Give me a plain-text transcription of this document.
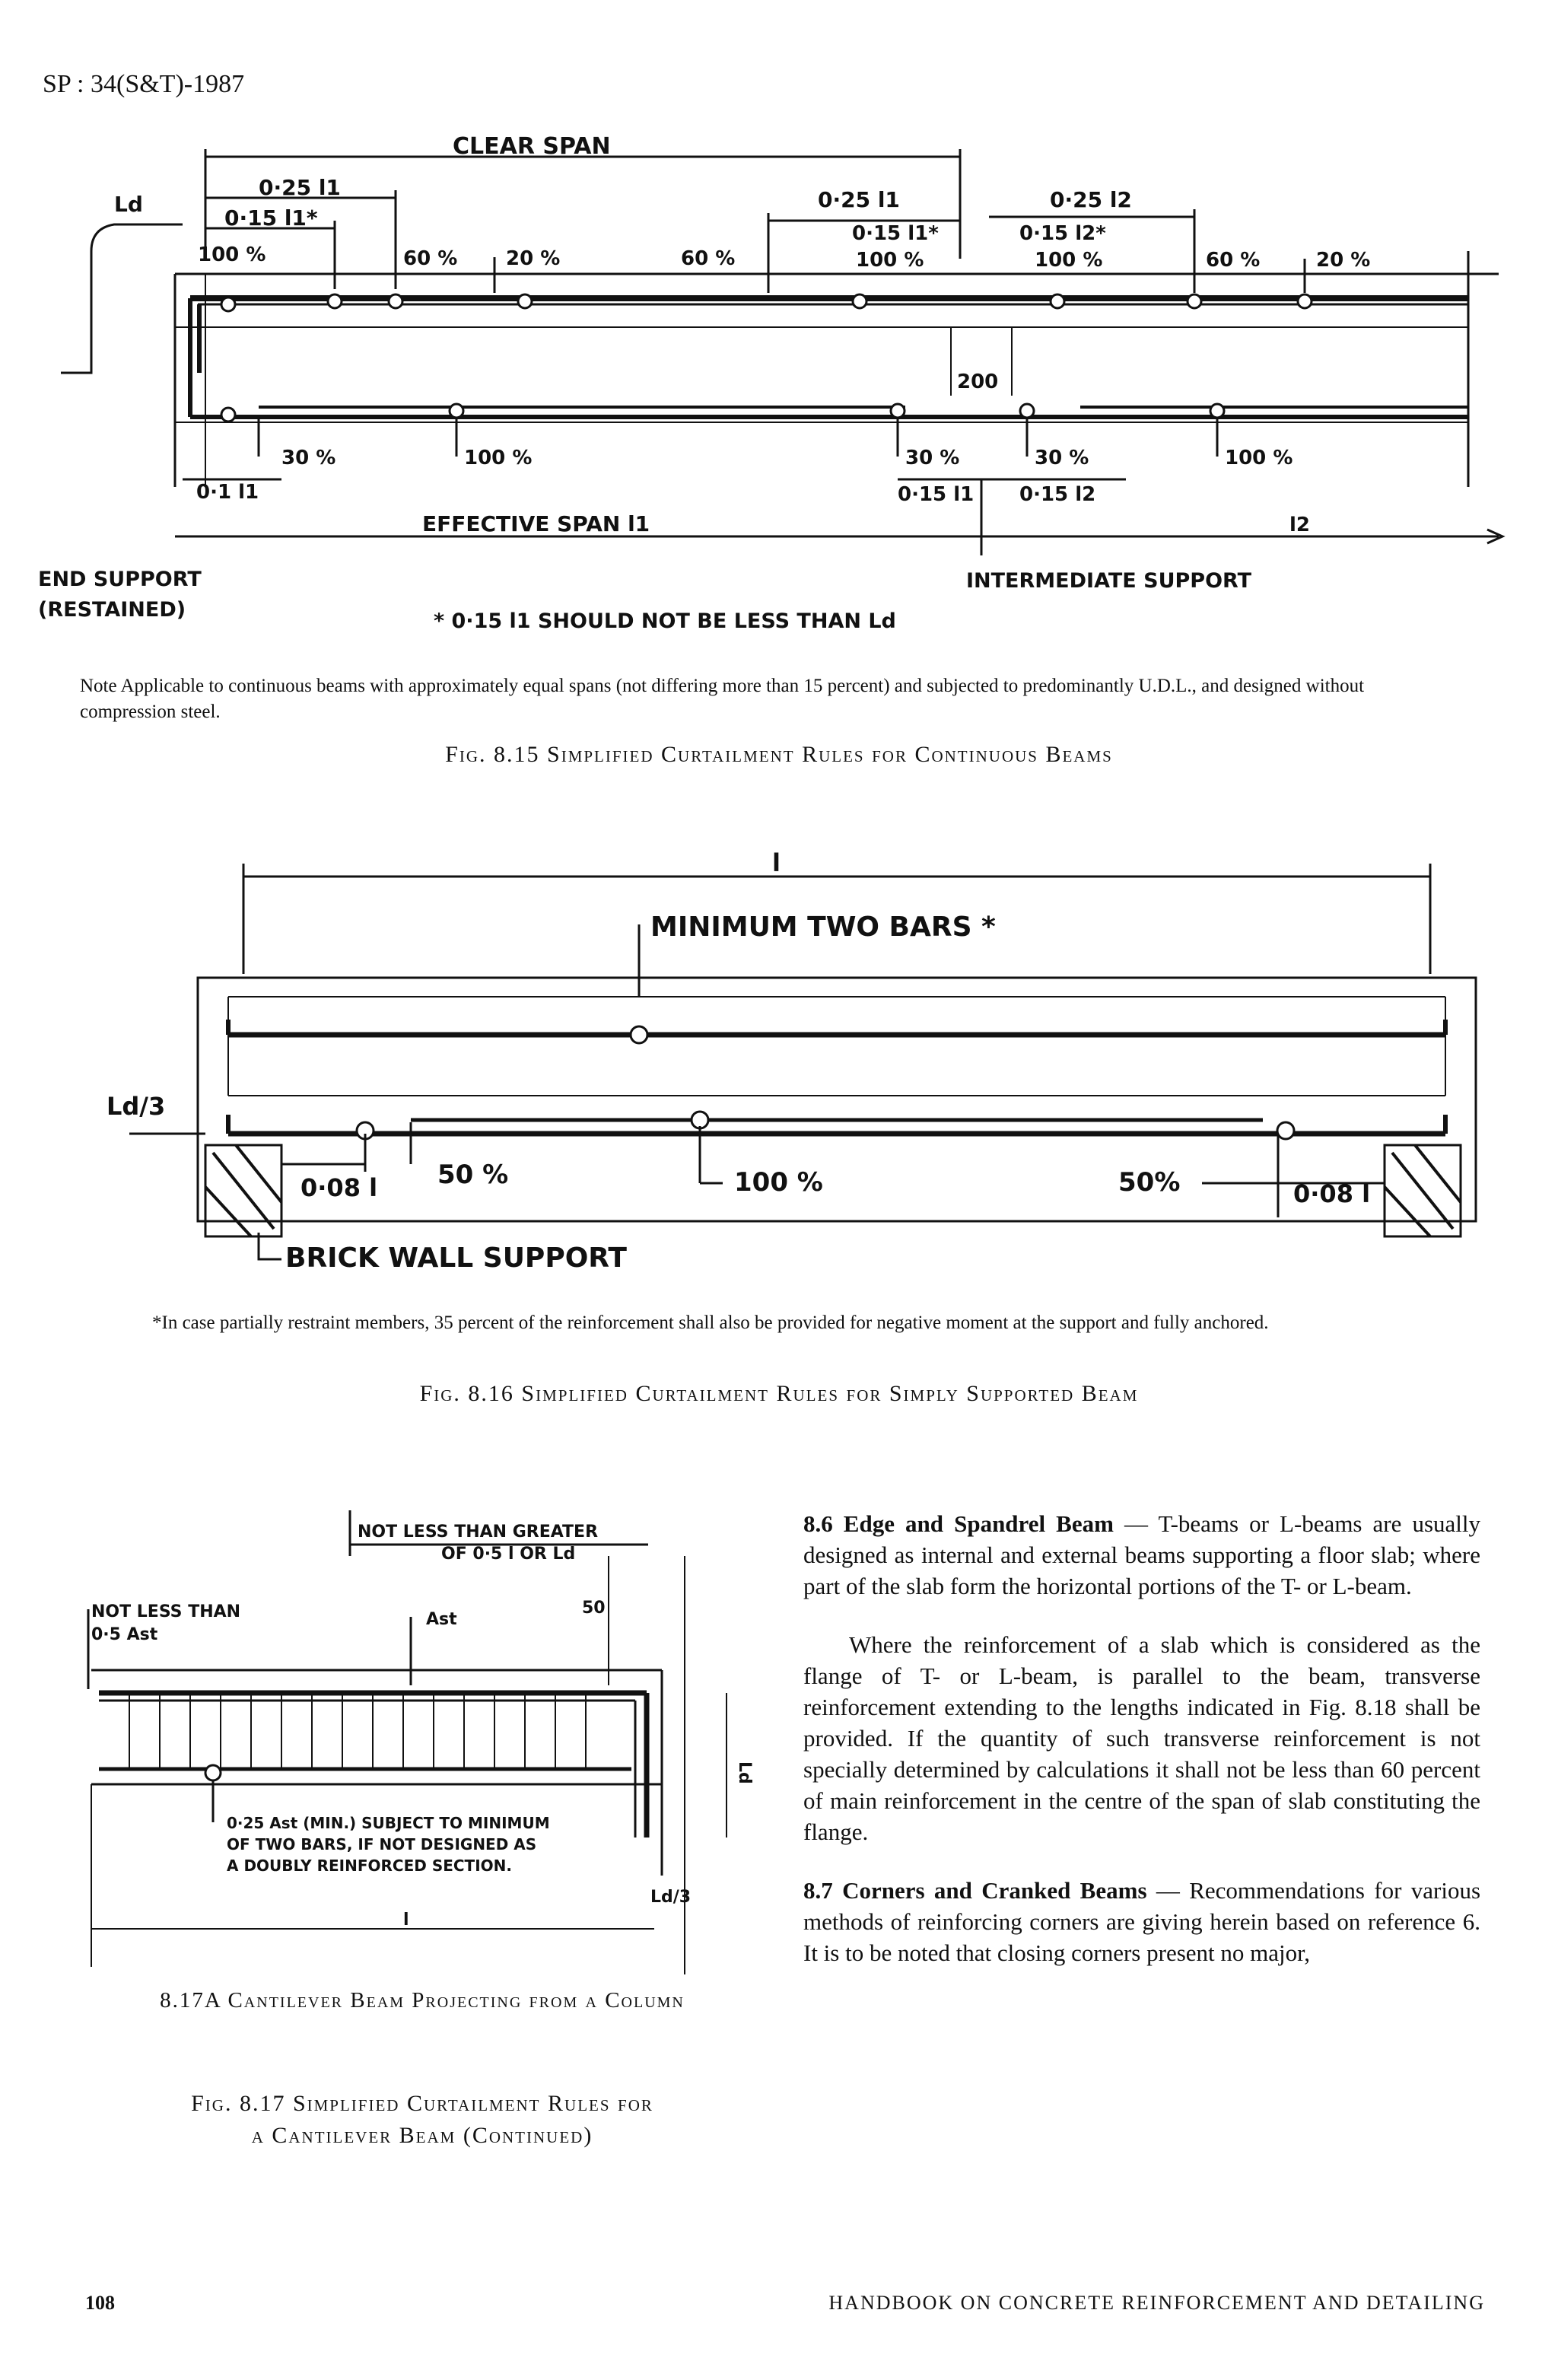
SP : 34(S&T)-1987
CLEAR SPAN
Ld
0·25 l1
0·15 l1*
100 %	60 % 20 %	60 %
0·25 l1
0·15 l1*
100 %
0·25 l2
0·15 l2*
100 %	60 %	20 %
200
30 %	100 %	30 %	30 %	100 %
0·1 l1	0·15 l1 0·15 l2
EFFECTIVE SPAN l1	l2
END SUPPORT
(RESTAINED)	* 0·15 l1 SHOULD NOT BE LESS THAN Ld
INTERMEDIATE SUPPORT
Note Applicable to continuous beams with approximately equal spans (not differing more than 15 percent) and subjected to predominantly U.D.L., and designed without compression steel.
Fig. 8.15 Simplified Curtailment Rules for Continuous Beams
l
MINIMUM TWO BARS *
Ld/3
0·08 l 50 %	100 %	50%	0·08 l
BRICK WALL SUPPORT
*In case partially restraint members, 35 percent of the reinforcement shall also be provided for negative moment at the support and fully anchored.
Fig. 8.16 Simplified Curtailment Rules for Simply Supported Beam
NOT LESS THAN GREATER
OF 0·5 l OR Ld
50
NOT LESS THAN
0·5 Ast
Ast
0·25 Ast (MIN.) SUBJECT TO MINIMUM
OF TWO BARS, IF NOT DESIGNED AS
A DOUBLY REINFORCED SECTION.
Ld
Ld/3
l
8.17A Cantilever Beam Projecting from a Column
Fig. 8.17 Simplified Curtailment Rules for
a Cantilever Beam (Continued)

8.6 Edge and Spandrel Beam — T-beams or L-beams are usually designed as internal and external beams supporting a floor slab; where part of the slab form the horizontal portions of the T- or L-beam.

Where the reinforcement of a slab which is considered as the flange of T- or L-beam, is parallel to the beam, transverse reinforcement extending to the lengths indicated in Fig. 8.18 shall be provided. If the quantity of such transverse reinforcement is not specially determined by calculations it shall not be less than 60 percent of main reinforcement in the centre of the span of slab constituting the flange.

8.7 Corners and Cranked Beams — Recommendations for various methods of reinforcing corners are giving herein based on reference 6. It is to be noted that closing corners present no major,

108	HANDBOOK ON CONCRETE REINFORCEMENT AND DETAILING
